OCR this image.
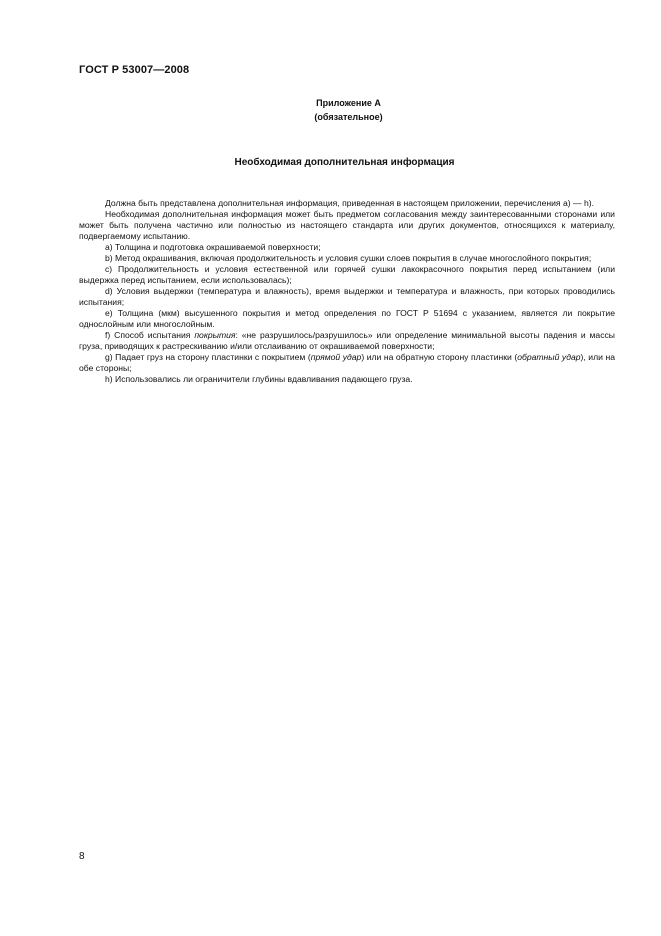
ГОСТ Р 53007—2008
Приложение А
(обязательное)
Необходимая дополнительная информация

Должна быть представлена дополнительная информация, приведенная в настоящем приложении, перечисления а) — h).

Необходимая дополнительная информация может быть предметом согласования между заинтересованными сторонами или может быть получена частично или полностью из настоящего стандарта или других документов, относящихся к материалу, подвергаемому испытанию.

а) Толщина и подготовка окрашиваемой поверхности;

b) Метод окрашивания, включая продолжительность и условия сушки слоев покрытия в случае многослойного покрытия;

c) Продолжительность и условия естественной или горячей сушки лакокрасочного покрытия перед испытанием (или выдержка перед испытанием, если использовалась);

d) Условия выдержки (температура и влажность), время выдержки и температура и влажность, при которых проводились испытания;

е) Толщина (мкм) высушенного покрытия и метод определения по ГОСТ Р 51694 с указанием, является ли покрытие однослойным или многослойным.

f) Способ испытания покрытия: «не разрушилось/разрушилось» или определение минимальной высоты падения и массы груза, приводящих к растрескиванию и/или отслаиванию от окрашиваемой поверхности;

g) Падает груз на сторону пластинки с покрытием (прямой удар) или на обратную сторону пластинки (обратный удар), или на обе стороны;

h) Использовались ли ограничители глубины вдавливания падающего груза.

8
